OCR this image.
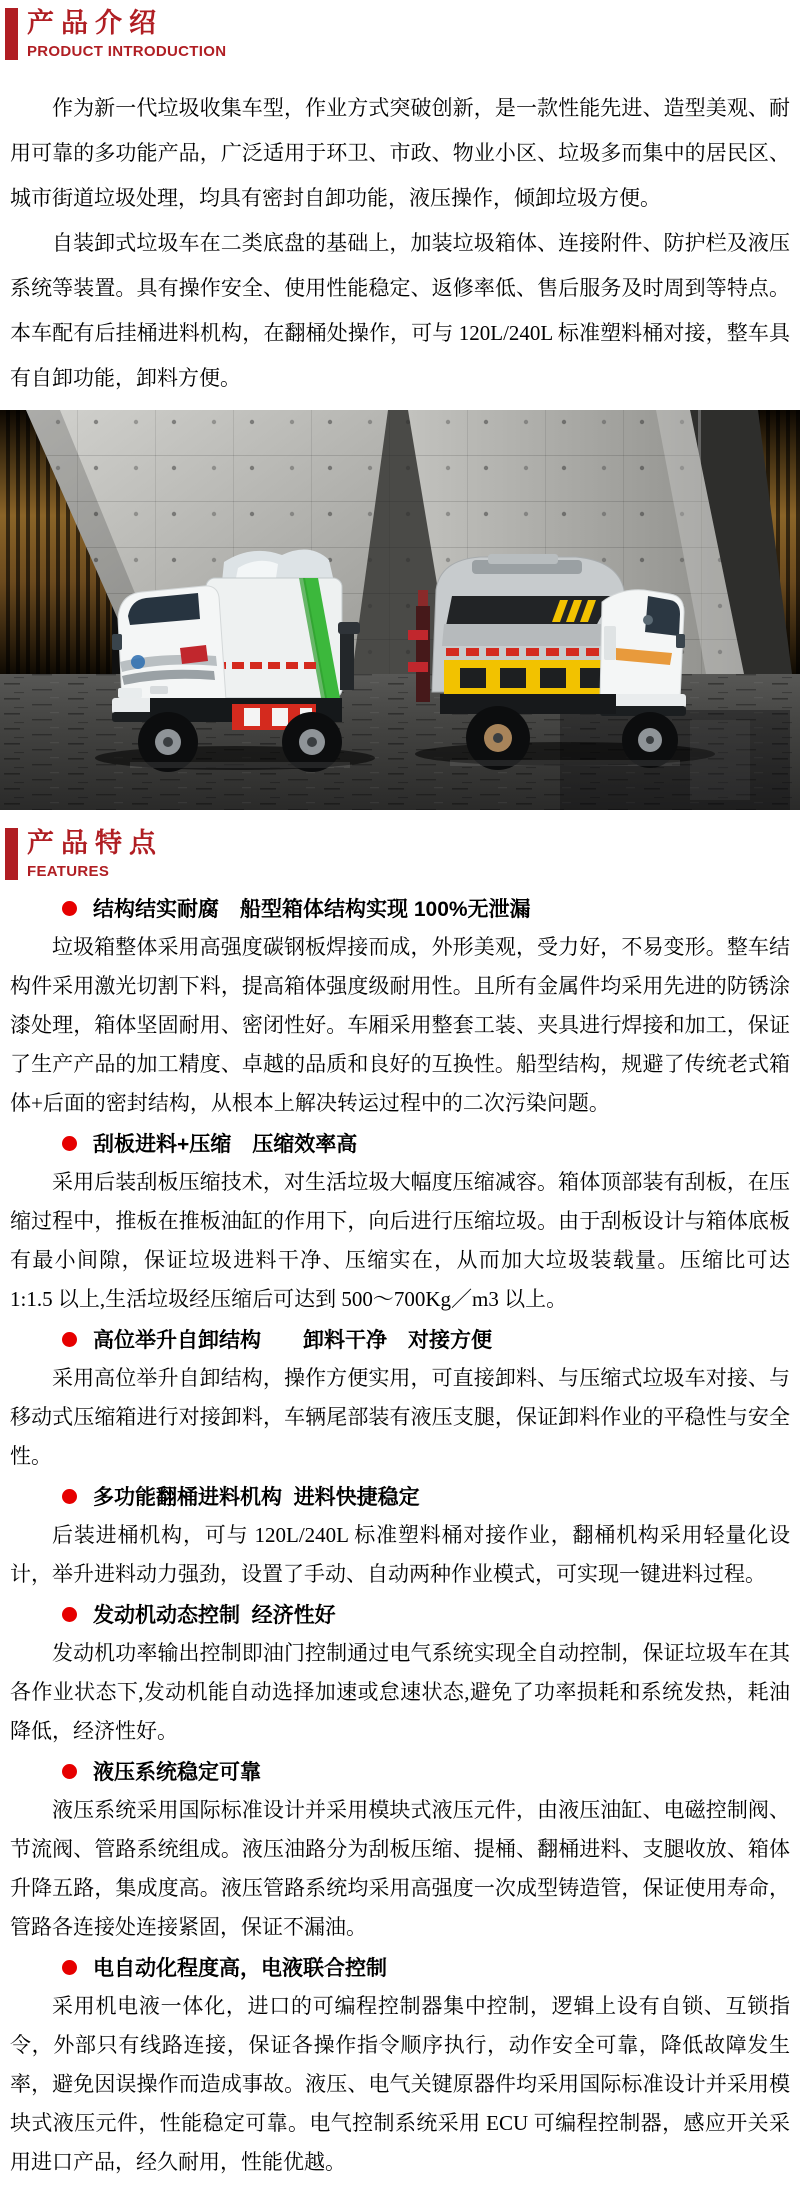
产品介绍
PRODUCT INTRODUCTION

作为新一代垃圾收集车型，作业方式突破创新，是一款性能先进、造型美观、耐用可靠的多功能产品，广泛适用于环卫、市政、物业小区、垃圾多而集中的居民区、城市街道垃圾处理，均具有密封自卸功能，液压操作，倾卸垃圾方便。

自装卸式垃圾车在二类底盘的基础上，加装垃圾箱体、连接附件、防护栏及液压系统等装置。具有操作安全、使用性能稳定、返修率低、售后服务及时周到等特点。本车配有后挂桶进料机构，在翻桶处操作，可与 120L/240L 标准塑料桶对接，整车具有自卸功能，卸料方便。

产品特点
FEATURES
结构结实耐腐　船型箱体结构实现 100%无泄漏

垃圾箱整体采用高强度碳钢板焊接而成，外形美观，受力好，不易变形。整车结构件采用激光切割下料，提高箱体强度级耐用性。且所有金属件均采用先进的防锈涂漆处理，箱体坚固耐用、密闭性好。车厢采用整套工装、夹具进行焊接和加工，保证了生产产品的加工精度、卓越的品质和良好的互换性。船型结构，规避了传统老式箱体+后面的密封结构，从根本上解决转运过程中的二次污染问题。

刮板进料+压缩　压缩效率高

采用后装刮板压缩技术，对生活垃圾大幅度压缩减容。箱体顶部装有刮板，在压缩过程中，推板在推板油缸的作用下，向后进行压缩垃圾。由于刮板设计与箱体底板有最小间隙，保证垃圾进料干净、压缩实在，从而加大垃圾装载量。压缩比可达 1:1.5 以上,生活垃圾经压缩后可达到 500～700Kg／m3 以上。

高位举升自卸结构　　卸料干净　对接方便

采用高位举升自卸结构，操作方便实用，可直接卸料、与压缩式垃圾车对接、与移动式压缩箱进行对接卸料，车辆尾部装有液压支腿，保证卸料作业的平稳性与安全性。

多功能翻桶进料机构  进料快捷稳定

后装进桶机构，可与 120L/240L 标准塑料桶对接作业，翻桶机构采用轻量化设计，举升进料动力强劲，设置了手动、自动两种作业模式，可实现一键进料过程。

发动机动态控制  经济性好

发动机功率输出控制即油门控制通过电气系统实现全自动控制，保证垃圾车在其各作业状态下,发动机能自动选择加速或怠速状态,避免了功率损耗和系统发热，耗油降低，经济性好。

液压系统稳定可靠

液压系统采用国际标准设计并采用模块式液压元件，由液压油缸、电磁控制阀、节流阀、管路系统组成。液压油路分为刮板压缩、提桶、翻桶进料、支腿收放、箱体升降五路，集成度高。液压管路系统均采用高强度一次成型铸造管，保证使用寿命，管路各连接处连接紧固，保证不漏油。

电自动化程度高，电液联合控制

采用机电液一体化，进口的可编程控制器集中控制，逻辑上设有自锁、互锁指令，外部只有线路连接，保证各操作指令顺序执行，动作安全可靠，降低故障发生率，避免因误操作而造成事故。液压、电气关键原器件均采用国际标准设计并采用模块式液压元件，性能稳定可靠。电气控制系统采用 ECU 可编程控制器，感应开关采用进口产品，经久耐用，性能优越。
